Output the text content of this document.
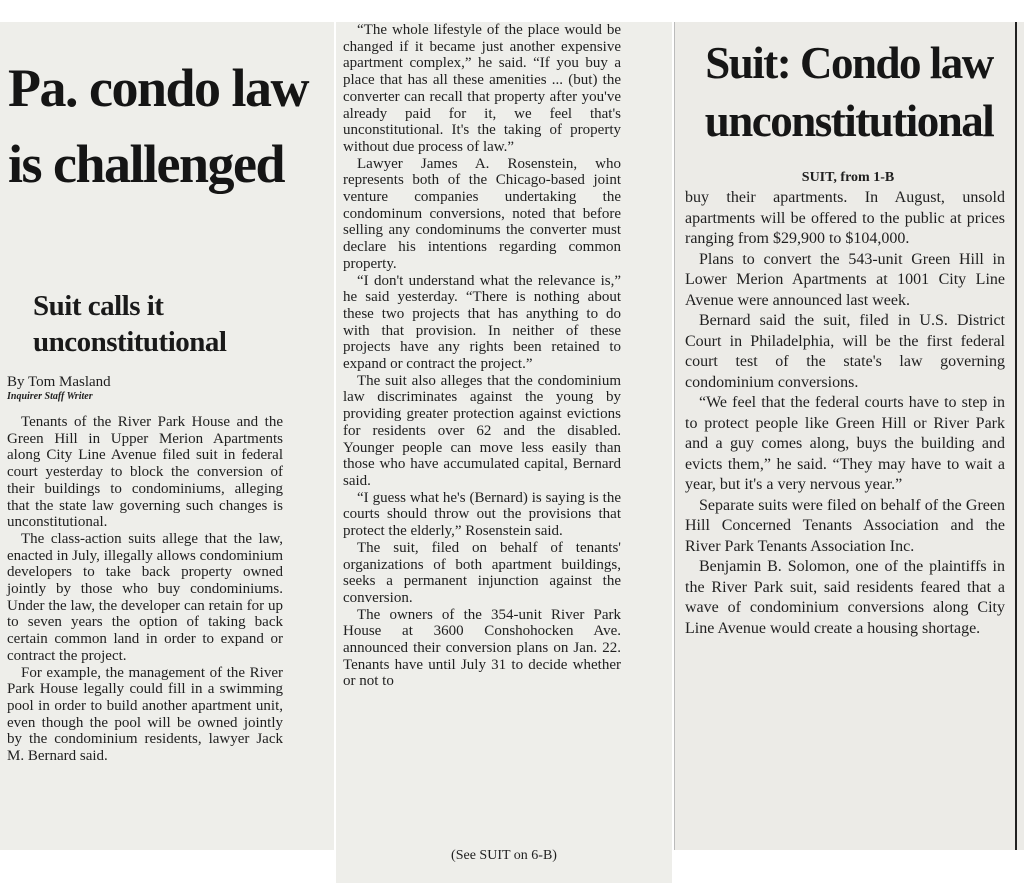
Pa. condo law is challenged
Suit calls it unconstitutional
By Tom Masland
Inquirer Staff Writer

Tenants of the River Park House and the Green Hill in Upper Merion Apartments along City Line Avenue filed suit in federal court yesterday to block the conversion of their buildings to condominiums, alleging that the state law governing such changes is unconstitutional.

The class-action suits allege that the law, enacted in July, illegally allows condominium developers to take back property owned jointly by those who buy condominiums. Under the law, the developer can retain for up to seven years the option of taking back certain common land in order to expand or contract the project.

For example, the management of the River Park House legally could fill in a swimming pool in order to build another apartment unit, even though the pool will be owned jointly by the condominium residents, lawyer Jack M. Bernard said.

“The whole lifestyle of the place would be changed if it became just another expensive apartment complex,” he said. “If you buy a place that has all these amenities ... (but) the converter can recall that property after you've already paid for it, we feel that's unconstitutional. It's the taking of property without due process of law.”

Lawyer James A. Rosenstein, who represents both of the Chicago-based joint venture companies undertaking the condominum conversions, noted that before selling any condominums the converter must declare his intentions regarding common property.

“I don't understand what the relevance is,” he said yesterday. “There is nothing about these two projects that has anything to do with that provision. In neither of these projects have any rights been retained to expand or contract the project.”

The suit also alleges that the condominium law discriminates against the young by providing greater protection against evictions for residents over 62 and the disabled. Younger people can move less easily than those who have accumulated capital, Bernard said.

“I guess what he's (Bernard) is saying is the courts should throw out the provisions that protect the elderly,” Rosenstein said.

The suit, filed on behalf of tenants' organizations of both apartment buildings, seeks a permanent injunction against the conversion.

The owners of the 354-unit River Park House at 3600 Conshohocken Ave. announced their conversion plans on Jan. 22. Tenants have until July 31 to decide whether or not to

(See SUIT on 6-B)
Suit: Condo law unconstitutional
SUIT, from 1-B

buy their apartments. In August, unsold apartments will be offered to the public at prices ranging from $29,900 to $104,000.

Plans to convert the 543-unit Green Hill in Lower Merion Apartments at 1001 City Line Avenue were announced last week.

Bernard said the suit, filed in U.S. District Court in Philadelphia, will be the first federal court test of the state's law governing condominium conversions.

“We feel that the federal courts have to step in to protect people like Green Hill or River Park and a guy comes along, buys the building and evicts them,” he said. “They may have to wait a year, but it's a very nervous year.”

Separate suits were filed on behalf of the Green Hill Concerned Tenants Association and the River Park Tenants Association Inc.

Benjamin B. Solomon, one of the plaintiffs in the River Park suit, said residents feared that a wave of condominium conversions along City Line Avenue would create a housing shortage.
